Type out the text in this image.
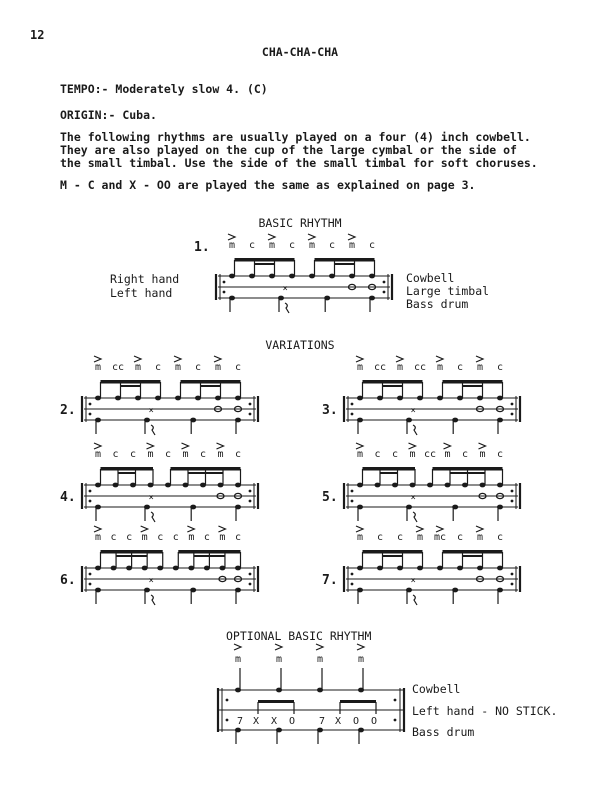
12
CHA-CHA-CHA
TEMPO:- Moderately slow 4. (C)
ORIGIN:- Cuba.
The following rhythms are usually played on a four (4) inch cowbell.
They are also played on the cup of the large cymbal or the side of
the small timbal. Use the side of the small timbal for soft choruses.
M - C and X - OO are played the same as explained on page 3.
BASIC RHYTHM
1.
Right hand
Left hand
Cowbell
Large timbal
Bass drum
m c m c m c m c
×
VARIATIONS
2.
m cc m c m c m c
×	3.
m cc m cc m c m c
×
4.
m c c m c m c m c
×	5.
m c c m cc m c m c
×
6.
m c c m c c m c m c
×	7.
m c c m mc c m c
×
OPTIONAL BASIC RHYTHM
Cowbell
Left hand - NO STICK.
Bass drum
m	m	m	m
7 X X O 7 X O O
